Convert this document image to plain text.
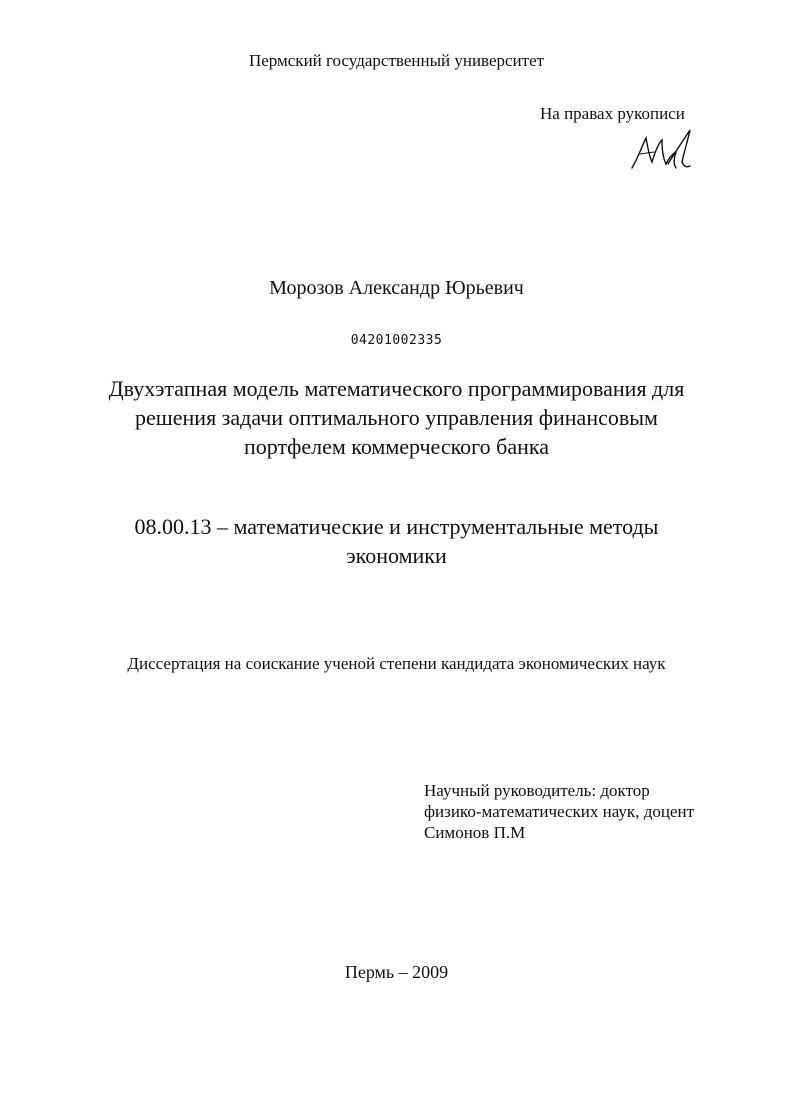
Пермский государственный университет
На правах рукописи
Морозов Александр Юрьевич
04201002335
Двухэтапная модель математического программирования для
решения задачи оптимального управления финансовым
портфелем коммерческого банка
08.00.13 – математические и инструментальные методы
экономики
Диссертация на соискание ученой степени кандидата экономических наук
Научный руководитель: доктор
физико-математических наук, доцент
Симонов П.М
Пермь – 2009
